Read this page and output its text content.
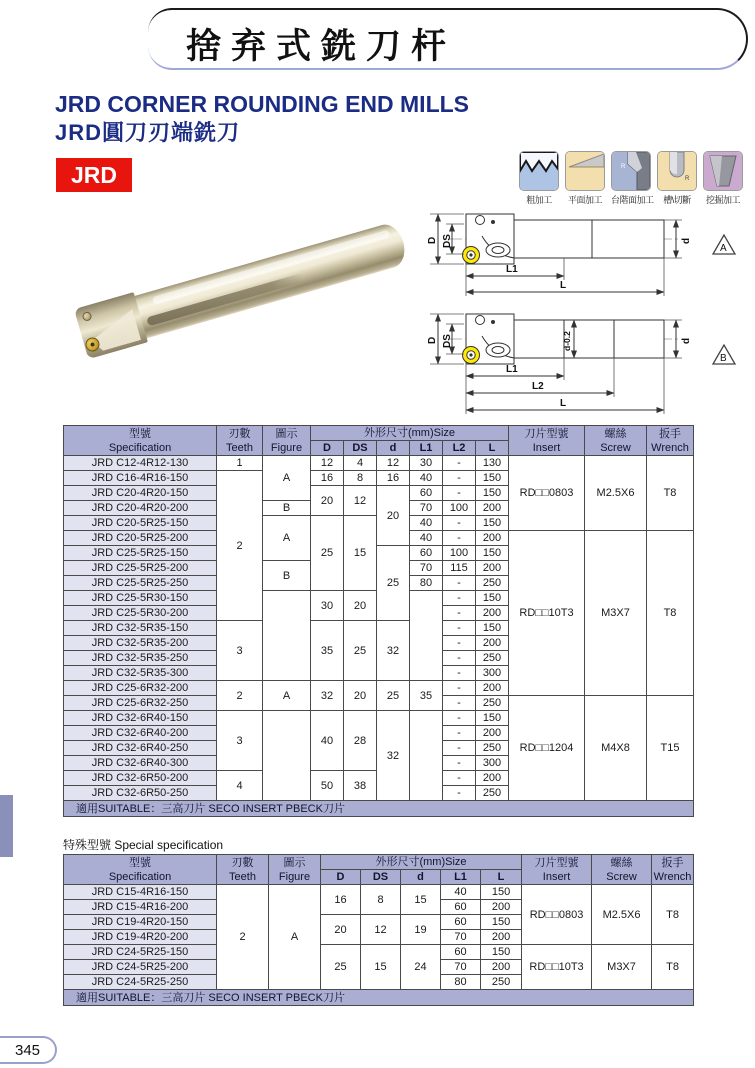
捨弃式銑刀杆
JRD CORNER ROUNDING END MILLS
JRD圓刀刃端銑刀
JRD
粗加工	平面加工
R
台階面加工
R
槽\切斷	挖掘加工
D DS	d
L1
L
A
D DS	d-0.2	d
L1
L2
L
B
型號
Specification

刃數
Teeth

圖示
Figure
	外形尺寸(mm)Size	刀片型號
Insert

螺絲
Screw

扳手
Wrench

			D	DS	d	L1	L2	L			
JRD C12-4R12-130	1	A	12	4	12	30	-	130	RD□□0803	M2.5X6	T8
JRD C16-4R16-150	2		16	8	16	40	-	150			
JRD C20-4R20-150			20	12	20	60	-	150			
JRD C20-4R20-200		B				70	100	200			
JRD C20-5R25-150		A	25	15		40	-	150			
JRD C20-5R25-200						40	-	200	RD□□10T3	M3X7	T8
JRD C25-5R25-150					25	60	100	150			
JRD C25-5R25-200		B				70	115	200			
JRD C25-5R25-250						80	-	250			
JRD C25-5R30-150			30	20			-	150			
JRD C25-5R30-200							-	200			
JRD C32-5R35-150	3		35	25	32		-	150			
JRD C32-5R35-200							-	200			
JRD C32-5R35-250							-	250			
JRD C32-5R35-300							-	300			
JRD C25-6R32-200	2	A	32	20	25	35	-	200			
JRD C25-6R32-250							-	250	RD□□1204	M4X8	T15
JRD C32-6R40-150	3		40	28	32		-	150			
JRD C32-6R40-200							-	200			
JRD C32-6R40-250							-	250			
JRD C32-6R40-300							-	300			
JRD C32-6R50-200	4		50	38			-	200			
JRD C32-6R50-250							-	250			
適用SUITABLE：三高刀片 SECO INSERT PBECK刀片											
特殊型號 Special specification
型號
Specification

刃數
Teeth

圖示
Figure
	外形尺寸(mm)Size	刀片型號
Insert

螺絲
Screw

扳手
Wrench

			D	DS	d	L1	L			
JRD C15-4R16-150	2	A	16	8	15	40	150	RD□□0803	M2.5X6	T8
JRD C15-4R16-200						60	200			
JRD C19-4R20-150			20	12	19	60	150			
JRD C19-4R20-200						70	200			
JRD C24-5R25-150			25	15	24	60	150	RD□□10T3	M3X7	T8
JRD C24-5R25-200						70	200			
JRD C24-5R25-250						80	250			
適用SUITABLE：三高刀片 SECO INSERT PBECK刀片										
345
